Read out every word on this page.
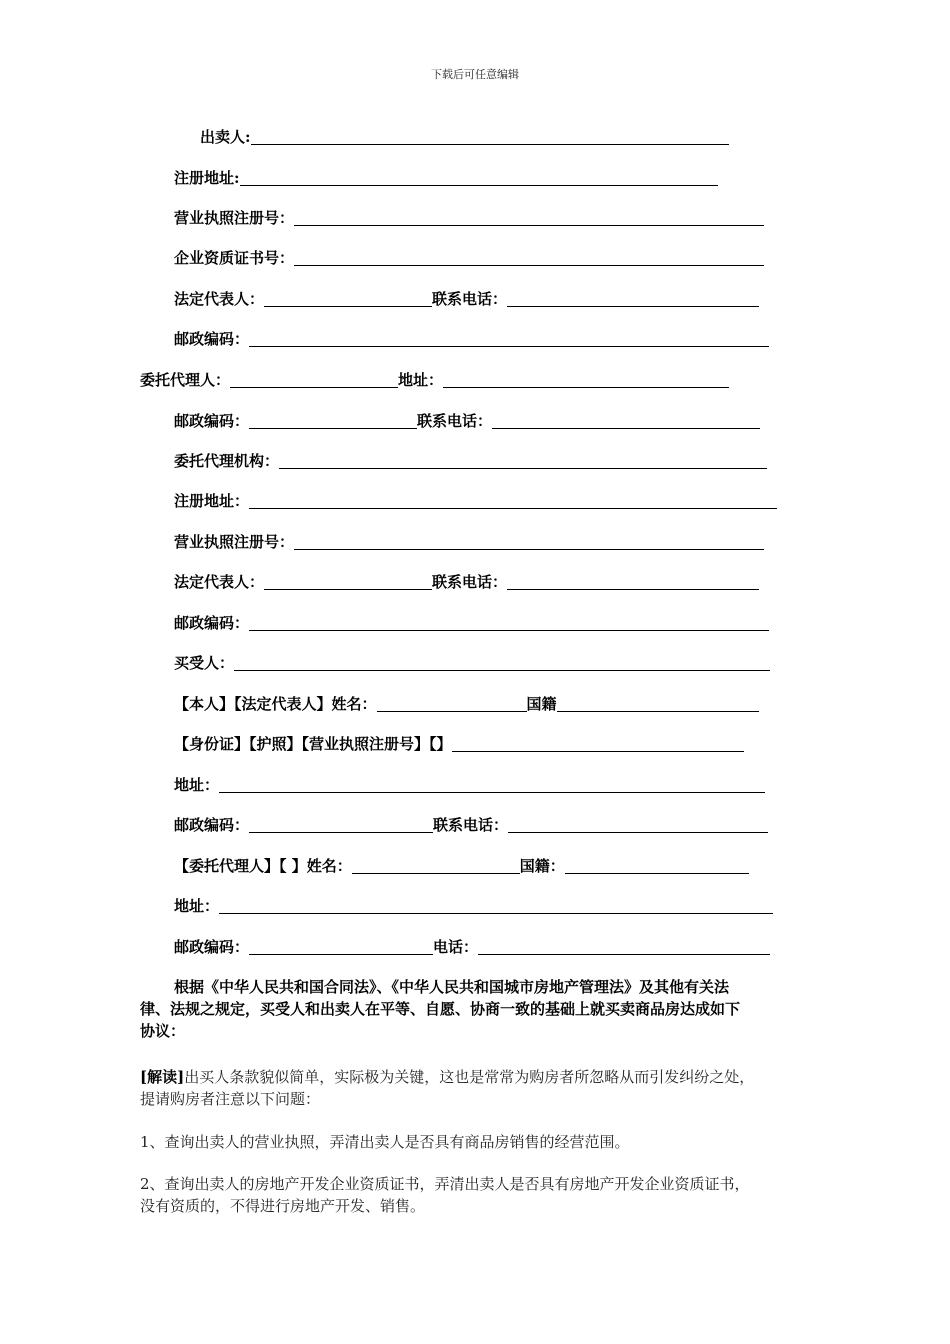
下载后可任意编辑
出卖人:
注册地址:
营业执照注册号：
企业资质证书号：
法定代表人：	联系电话：
邮政编码：
委托代理人：	地址：
邮政编码：	联系电话：
委托代理机构：
注册地址：
营业执照注册号：
法定代表人：	联系电话：
邮政编码：
买受人：
【本人】【法定代表人】姓名：	国籍
【身份证】【护照】【营业执照注册号】【】
地址：
邮政编码：	联系电话：
【委托代理人】【 】姓名：	国籍：
地址：
邮政编码：	电话：
根据《中华人民共和国合同法》、《中华人民共和国城市房地产管理法》及其他有关法
律、法规之规定，买受人和出卖人在平等、自愿、协商一致的基础上就买卖商品房达成如下
协议：
[解读]出买人条款貌似简单，实际极为关键，这也是常常为购房者所忽略从而引发纠纷之处，
提请购房者注意以下问题：
1、查询出卖人的营业执照，弄清出卖人是否具有商品房销售的经营范围。
2、查询出卖人的房地产开发企业资质证书，弄清出卖人是否具有房地产开发企业资质证书，
没有资质的，不得进行房地产开发、销售。
